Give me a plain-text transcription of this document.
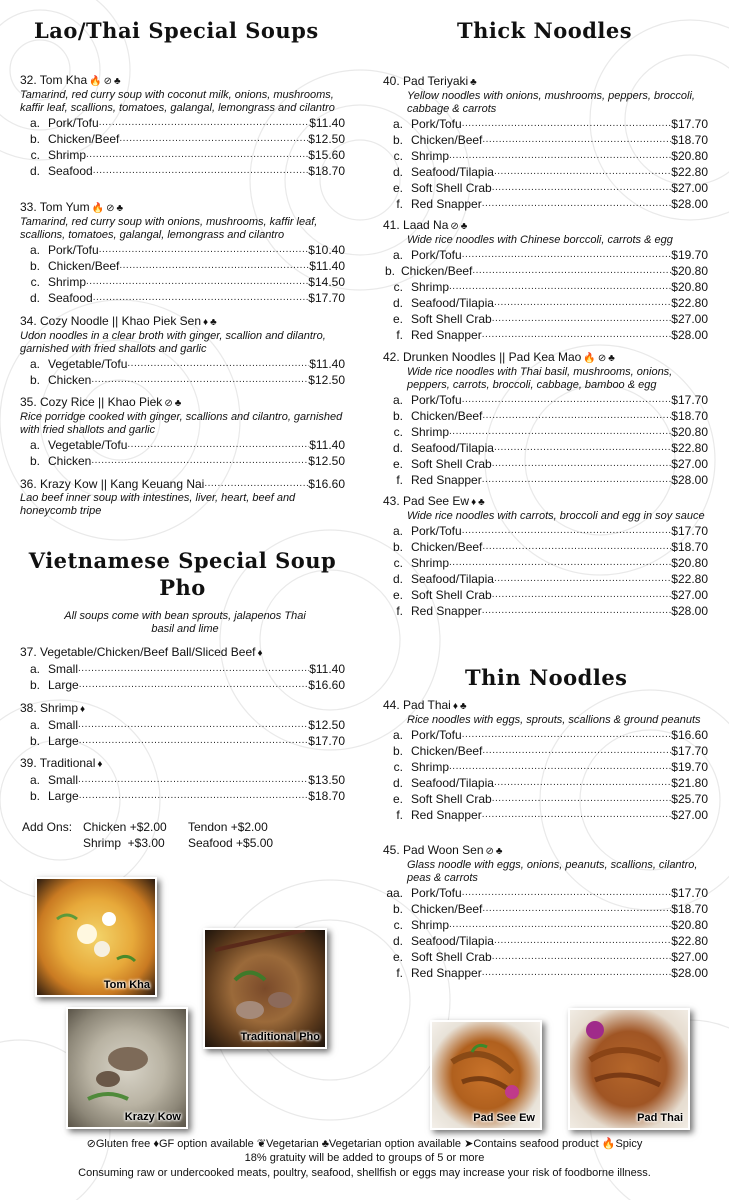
Lao/Thai Special Soups
32. Tom Kha 🔥 ⊘ ♣
Tamarind, red curry soup with coconut milk, onions, mushrooms, kaffir leaf, scallions, tomatoes, galangal, lemongrass and cilantro
a. Pork/Tofu .....	$11.40
b. Chicken/Beef .....	$12.50
c. Shrimp .....	$15.60
d. Seafood .....	$18.70
33. Tom Yum 🔥 ⊘ ♣
Tamarind, red curry soup with onions, mushrooms, kaffir leaf, scallions, tomatoes, galangal, lemongrass and cilantro
a. Pork/Tofu .....	$10.40
b. Chicken/Beef .....	$11.40
c. Shrimp .....	$14.50
d. Seafood .....	$17.70
34. Cozy Noodle || Khao Piek Sen ♦ ♣
Udon noodles in a clear broth with ginger, scallion and dilantro, garnished with fried shallots and garlic
a. Vegetable/Tofu .....	$11.40
b. Chicken .....	$12.50
35. Cozy Rice || Khao Piek ⊘ ♣
Rice porridge cooked with ginger, scallions and cilantro, garnished with fried shallots and garlic
a. Vegetable/Tofu .....	$11.40
b. Chicken .....	$12.50
36. Krazy Kow || Kang Keuang Nai .....	$16.60
Lao beef inner soup with intestines, liver, heart, beef and honeycomb tripe
Vietnamese Special Soup
Pho
All soups come with bean sprouts, jalapenos Thai basil and lime
37. Vegetable/Chicken/Beef Ball/Sliced Beef ♦
a. Small .....	$11.40
b. Large .....	$16.60
38. Shrimp ♦
a. Small .....	$12.50
b. Large .....	$17.70
39. Traditional ♦
a. Small .....	$13.50
b. Large .....	$18.70
Add Ons: Chicken +$2.00 Tendon +$2.00
Shrimp  +$3.00 Seafood +$5.00
Thick Noodles
40. Pad Teriyaki ♣
Yellow noodles with onions, mushrooms, peppers, broccoli, cabbage & carrots
a. Pork/Tofu .....	$17.70
b. Chicken/Beef .....	$18.70
c. Shrimp .....	$20.80
d. Seafood/Tilapia .....	$22.80
e. Soft Shell Crab .....	$27.00
f. Red Snapper .....	$28.00
41. Laad Na ⊘ ♣
Wide rice noodles with Chinese borccoli, carrots & egg
a. Pork/Tofu .....	$19.70
b. Chicken/Beef .....	$20.80
c. Shrimp .....	$20.80
d. Seafood/Tilapia .....	$22.80
e. Soft Shell Crab .....	$27.00
f. Red Snapper .....	$28.00
42. Drunken Noodles || Pad Kea Mao 🔥 ⊘ ♣
Wide rice noodles with Thai basil, mushrooms, onions, peppers, carrots, broccoli, cabbage, bamboo & egg
a. Pork/Tofu .....	$17.70
b. Chicken/Beef .....	$18.70
c. Shrimp .....	$20.80
d. Seafood/Tilapia .....	$22.80
e. Soft Shell Crab .....	$27.00
f. Red Snapper .....	$28.00
43. Pad See Ew ♦ ♣
Wide rice noodles with carrots, broccoli and egg in soy sauce
a. Pork/Tofu .....	$17.70
b. Chicken/Beef .....	$18.70
c. Shrimp .....	$20.80
d. Seafood/Tilapia .....	$22.80
e. Soft Shell Crab .....	$27.00
f. Red Snapper .....	$28.00
Thin Noodles
44. Pad Thai ♦ ♣
Rice noodles with eggs, sprouts, scallions & ground peanuts
a. Pork/Tofu .....	$16.60
b. Chicken/Beef .....	$17.70
c. Shrimp .....	$19.70
d. Seafood/Tilapia .....	$21.80
e. Soft Shell Crab .....	$25.70
f. Red Snapper .....	$27.00
45. Pad Woon Sen ⊘ ♣
Glass noodle with eggs, onions, peanuts, scallions, cilantro, peas & carrots
aa. Pork/Tofu .....	$17.70
b. Chicken/Beef .....	$18.70
c. Shrimp .....	$20.80
d. Seafood/Tilapia .....	$22.80
e. Soft Shell Crab .....	$27.00
f. Red Snapper .....	$28.00
Tom Kha
Traditional Pho
Krazy Kow	Pad See Ew	Pad Thai
⊘Gluten free ♦GF option available ❦Vegetarian ♣Vegetarian option available ➤Contains seafood product 🔥Spicy
18% gratuity will be added to groups of 5 or more
Consuming raw or undercooked meats, poultry, seafood, shellfish or eggs may increase your risk of foodborne illness.
